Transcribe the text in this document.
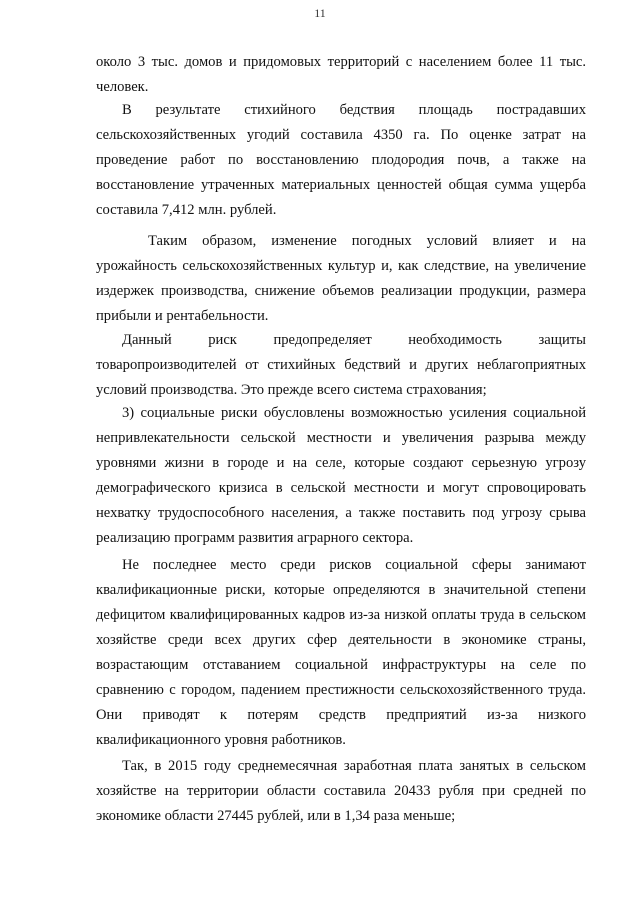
11

около 3 тыс. домов и придомовых территорий с населением более 11 тыс. человек.

В результате стихийного бедствия площадь пострадавших сельскохозяйственных угодий составила 4350 га. По оценке затрат на проведение работ по восстановлению плодородия почв, а также на восстановление утраченных материальных ценностей общая сумма ущерба составила 7,412 млн. рублей.

Таким образом, изменение погодных условий влияет и на урожайность сельскохозяйственных культур и, как следствие, на увеличение издержек производства, снижение объемов реализации продукции, размера прибыли и рентабельности.

Данный риск предопределяет необходимость защиты товаропроизводителей от стихийных бедствий и других неблагоприятных условий производства. Это прежде всего система страхования;

3) социальные риски обусловлены возможностью усиления социальной непривлекательности сельской местности и увеличения разрыва между уровнями жизни в городе и на селе, которые создают серьезную угрозу демографического кризиса в сельской местности и могут спровоцировать нехватку трудоспособного населения, а также поставить под угрозу срыва реализацию программ развития аграрного сектора.

Не последнее место среди рисков социальной сферы занимают квалификационные риски, которые определяются в значительной степени дефицитом квалифицированных кадров из-за низкой оплаты труда в сельском хозяйстве среди всех других сфер деятельности в экономике страны, возрастающим отставанием социальной инфраструктуры на селе по сравнению с городом, падением престижности сельскохозяйственного труда. Они приводят к потерям средств предприятий из-за низкого квалификационного уровня работников.

Так, в 2015 году среднемесячная заработная плата занятых в сельском хозяйстве на территории области составила 20433 рубля при средней по экономике области 27445 рублей, или в 1,34 раза меньше;
